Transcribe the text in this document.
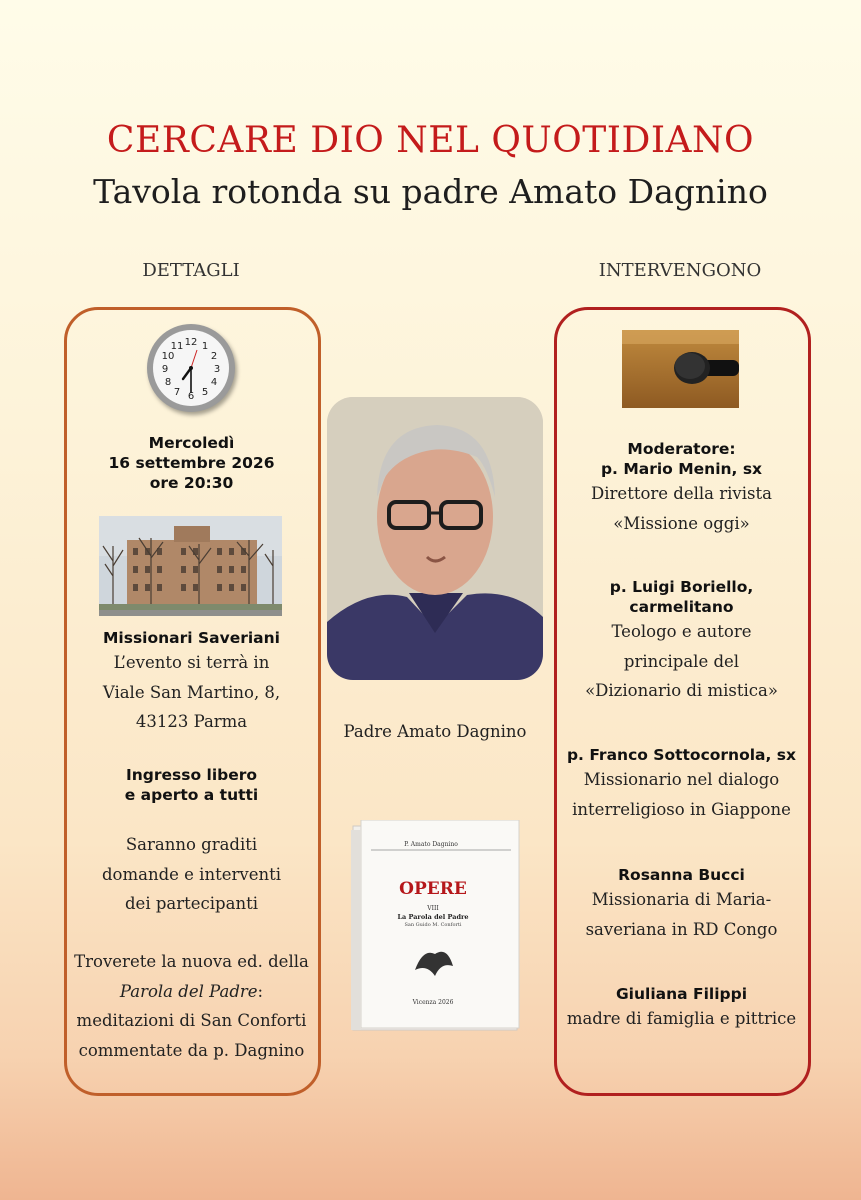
CERCARE DIO NEL QUOTIDIANO
Tavola rotonda su padre Amato Dagnino
DETTAGLI	INTERVENGONO
12 1
2
3
4
5
6
7
8
9
10
11
Mercoledì
16 settembre 2026
ore 20:30
Missionari Saveriani
L’evento si terrà in
Viale San Martino, 8,
43123 Parma
Ingresso libero
e aperto a tutti
Saranno graditi
domande e interventi
dei partecipanti
Troverete la nuova ed. della
Parola del Padre:
meditazioni di San Conforti
commentate da p. Dagnino
Padre Amato Dagnino
P. Amato Dagnino
OPERE
VIII
La Parola del Padre
San Guido M. Conforti
Vicenza 2026
Moderatore:
p. Mario Menin, sx
Direttore della rivista
«Missione oggi»
p. Luigi Boriello,
carmelitano
Teologo e autore
principale del
«Dizionario di mistica»
p. Franco Sottocornola, sx
Missionario nel dialogo
interreligioso in Giappone
Rosanna Bucci
Missionaria di Maria-
saveriana in RD Congo
Giuliana Filippi
madre di famiglia e pittrice
